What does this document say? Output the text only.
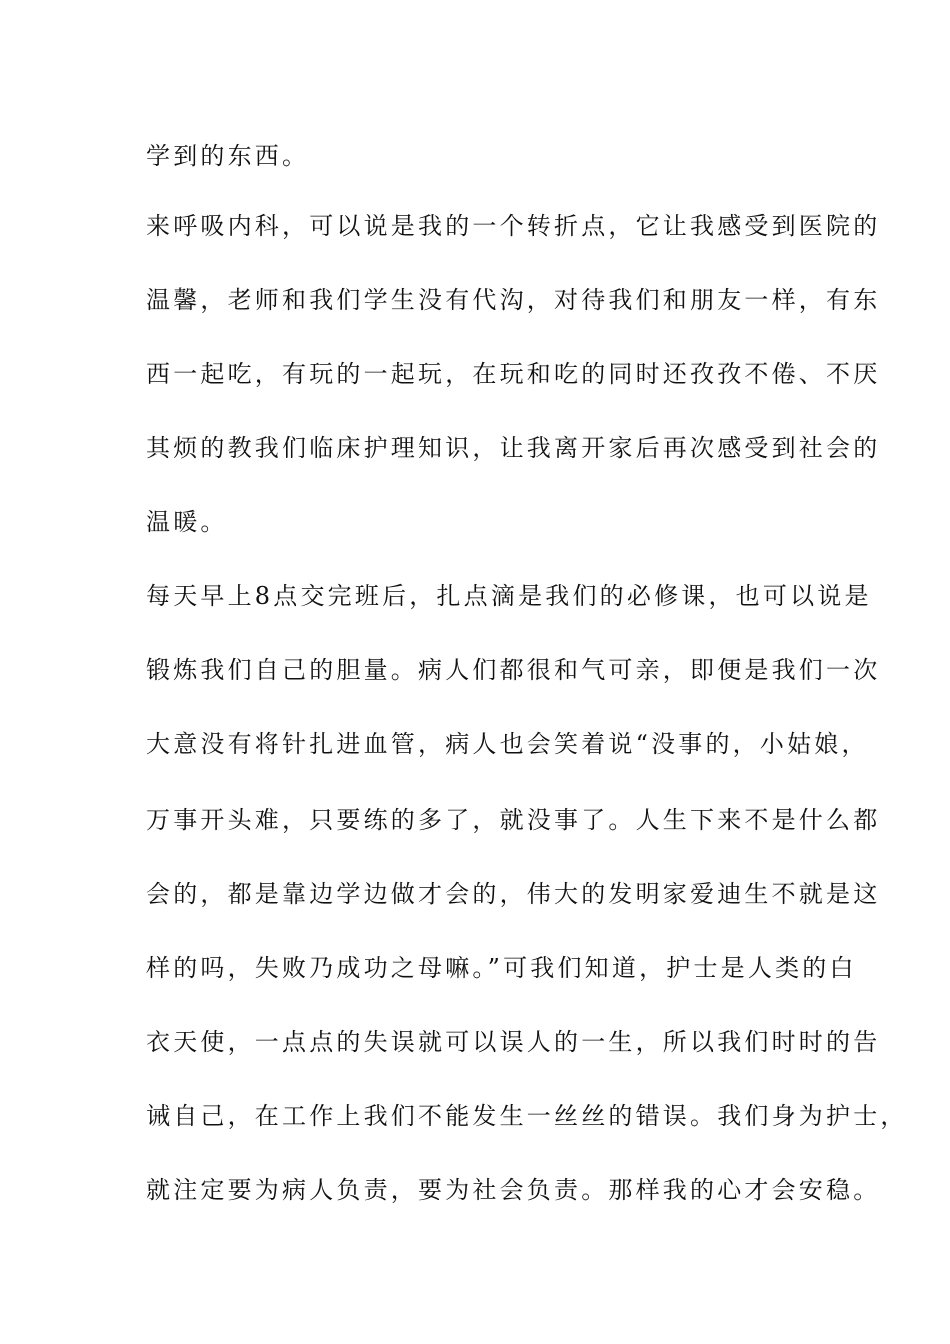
学到的东西。
来呼吸内科，可以说是我的一个转折点，它让我感受到医院的
温馨，老师和我们学生没有代沟，对待我们和朋友一样，有东
西一起吃，有玩的一起玩，在玩和吃的同时还孜孜不倦、不厌
其烦的教我们临床护理知识，让我离开家后再次感受到社会的
温暖。
每天早上8点交完班后，扎点滴是我们的必修课，也可以说是
锻炼我们自己的胆量。病人们都很和气可亲，即便是我们一次
大意没有将针扎进血管，病人也会笑着说“没事的，小姑娘，
万事开头难，只要练的多了，就没事了。人生下来不是什么都
会的，都是靠边学边做才会的，伟大的发明家爱迪生不就是这
样的吗，失败乃成功之母嘛。”可我们知道，护士是人类的白
衣天使，一点点的失误就可以误人的一生，所以我们时时的告
诫自己，在工作上我们不能发生一丝丝的错误。我们身为护士，
就注定要为病人负责，要为社会负责。那样我的心才会安稳。
